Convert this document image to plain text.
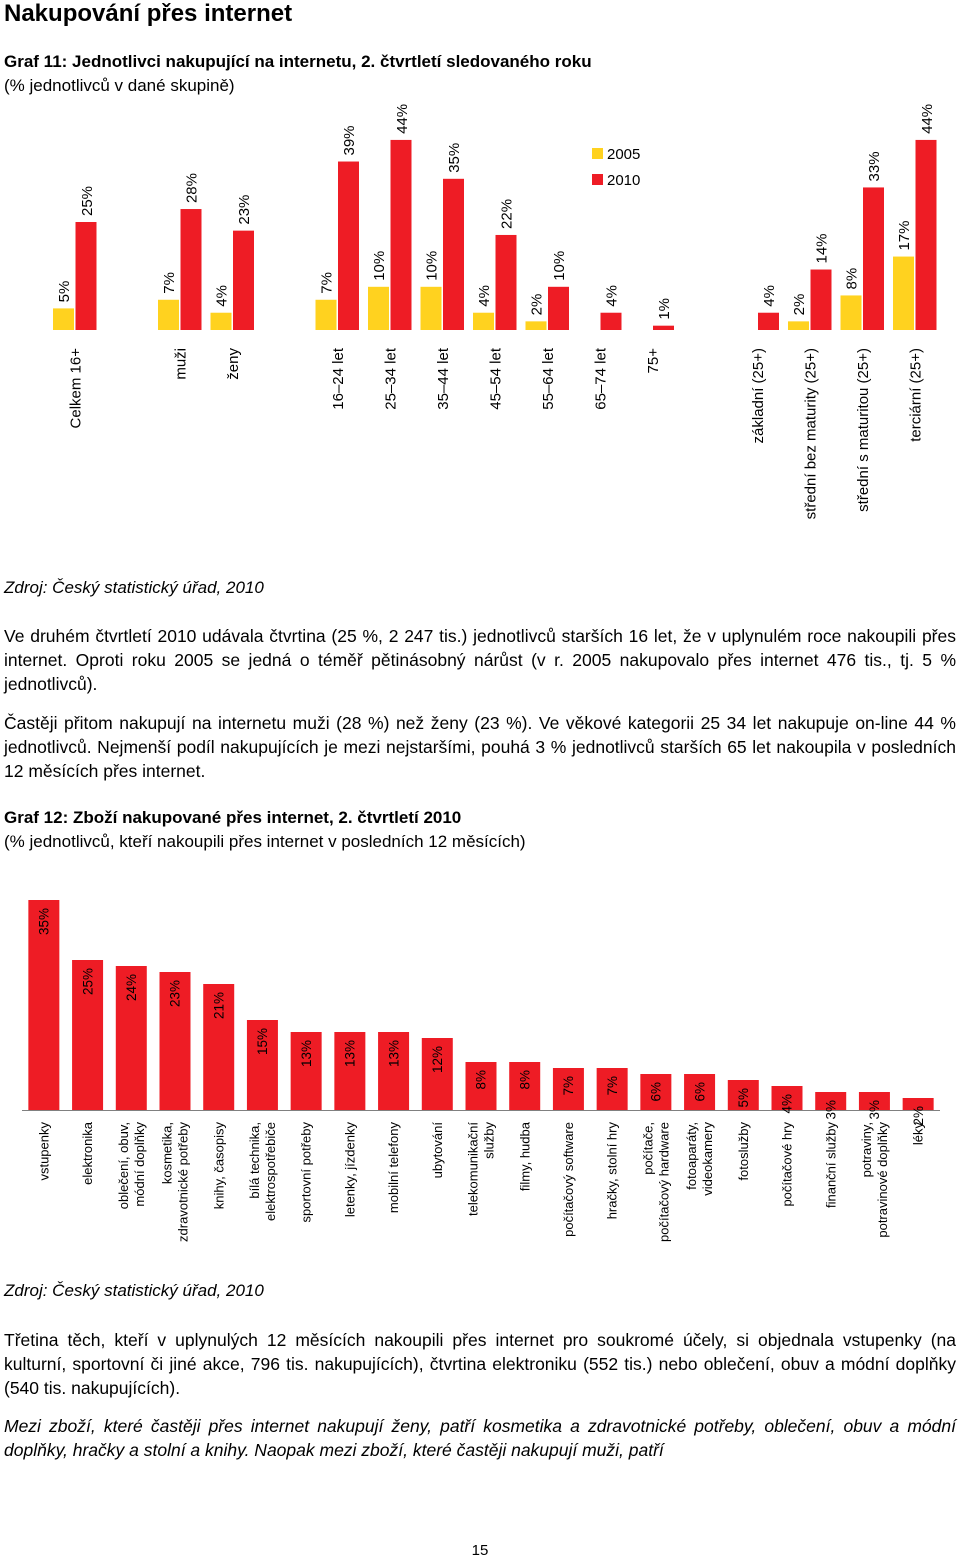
Nakupování přes internet
Graf 11: Jednotlivci nakupující na internetu, 2. čtvrtletí sledovaného roku
(% jednotlivců v dané skupině)
2005
2010
5%
25%
Celkem 16+
7%
28%
muži
4%
23%
ženy
7%
39%
16–24 let
10%
44%
25–34 let
10%
35%
35–44 let
4%
22%
45–54 let
2%
10%
55–64 let
4%
65–74 let
1%
75+
4%
základní (25+)
2%
14%
střední bez maturity (25+)
8%
33%
střední s maturitou (25+)
17%
44%
terciární (25+)
Zdroj: Český statistický úřad, 2010
Ve druhém čtvrtletí 2010 udávala čtvrtina (25 %, 2 247 tis.) jednotlivců starších 16 let, že v uplynulém roce nakoupili přes internet. Oproti roku 2005 se jedná o téměř pětinásobný nárůst (v r. 2005 nakupovalo přes internet 476 tis., tj. 5 % jednotlivců).
Častěji přitom nakupují na internetu muži (28 %) než ženy (23 %). Ve věkové kategorii 25 34 let nakupuje on-line 44 % jednotlivců. Nejmenší podíl nakupujících je mezi nejstaršími, pouhá 3 % jednotlivců starších 65 let nakoupila v posledních 12 měsících přes internet.
Graf 12: Zboží nakupované přes internet, 2. čtvrtletí 2010
(% jednotlivců, kteří nakoupili přes internet v posledních 12 měsících)
35%
vstupenky
25%
elektronika
24%
oblečení, obuv, módní doplňky
23%
kosmetika, zdravotnické potřeby
21%
knihy, časopisy
15%
bílá technika, elektrospotřebiče
13%
sportovní potřeby
13%
letenky, jízdenky
13%
mobilní telefony
12%
ubytování
8%
telekomunikační služby
8%
filmy, hudba
7%
počítačový software
7%
hračky, stolní hry
6%
počítače, počítačový hardware
6%
fotoaparáty, videokamery
5%
fotoslužby
4%
počítačové hry
3%
finanční služby
3%
potraviny, potravinové doplňky
2%
léky
Zdroj: Český statistický úřad, 2010
Třetina těch, kteří v uplynulých 12 měsících nakoupili přes internet pro soukromé účely, si objednala vstupenky (na kulturní, sportovní či jiné akce, 796 tis. nakupujících), čtvrtina elektroniku (552 tis.) nebo oblečení, obuv a módní doplňky (540 tis. nakupujících).
Mezi zboží, které častěji přes internet nakupují ženy, patří kosmetika a zdravotnické potřeby, oblečení, obuv a módní doplňky, hračky a stolní a knihy. Naopak mezi zboží, které častěji nakupují muži, patří
15
